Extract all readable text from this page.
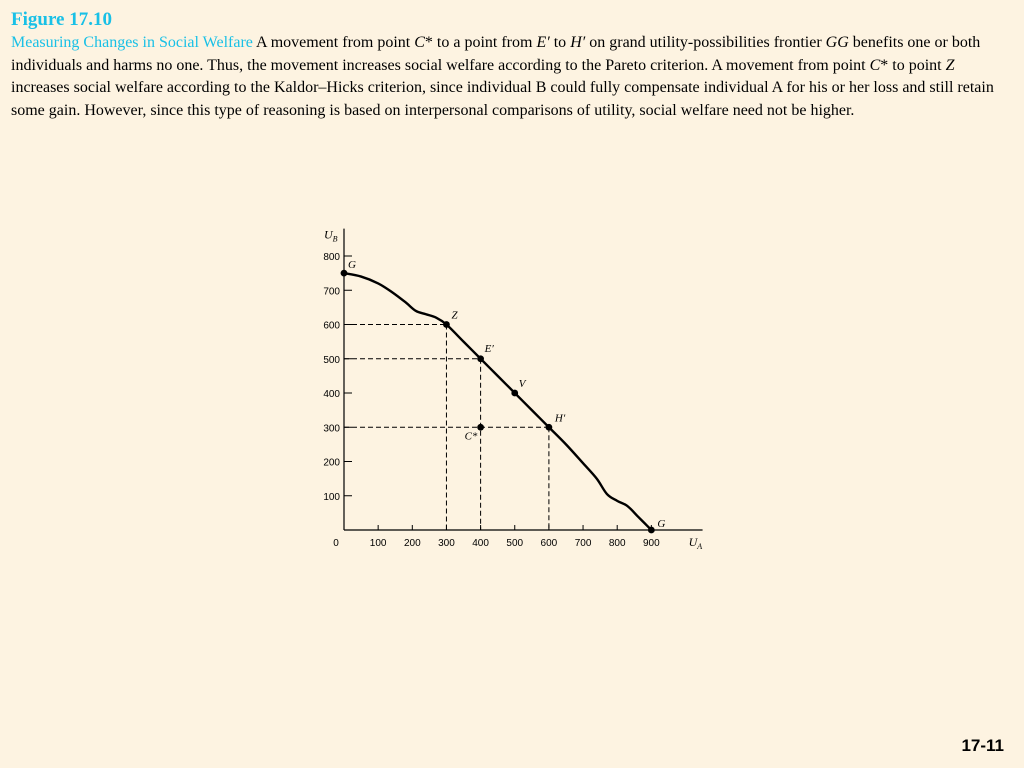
Figure 17.10

Measuring Changes in Social Welfare A movement from point C* to a point from E′ to H′ on grand utility-possibilities frontier GG benefits one or both individuals and harms no one. Thus, the movement increases social welfare according to the Pareto criterion. A movement from point C* to point Z increases social welfare according to the Kaldor–Hicks criterion, since individual B could fully compensate individual A for his or her loss and still retain some gain. However, since this type of reasoning is based on interpersonal comparisons of utility, social welfare need not be higher.

100 200 300 400 500 600 700 800 900
0
100
200
300
400
500
600
700
800
$U_B$
$U_A$
G
Z
E′
V
H′
C*
G
17-11
